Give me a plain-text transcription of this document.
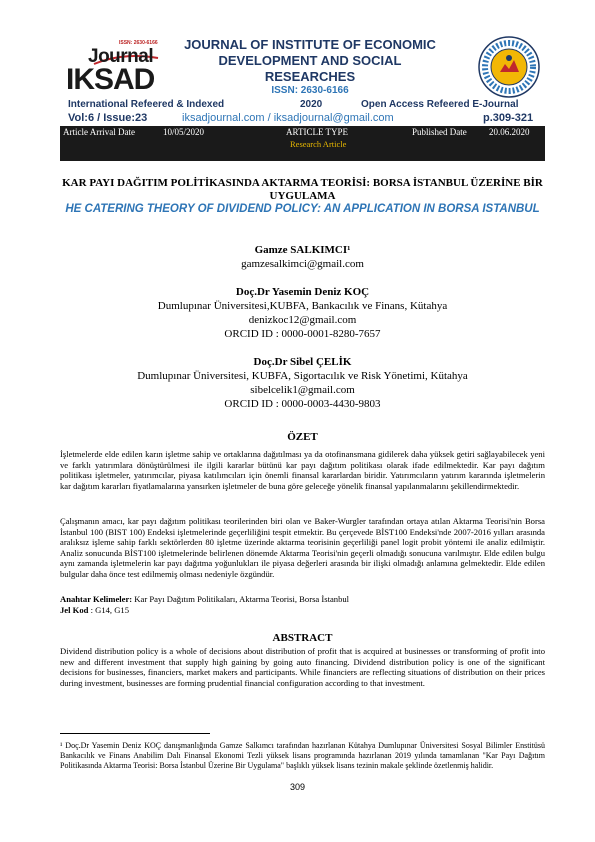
ISSN: 2630-6166
Journal
IKSAD
JOURNAL OF INSTITUTE OF ECONOMIC DEVELOPMENT AND SOCIAL RESEARCHES
ISSN: 2630-6166
International Refeered & Indexed	2020	Open Access Refeered E-Journal
Vol:6 / Issue:23	iksadjournal.com / iksadjournal@gmail.com	p.309-321
Article Arrival Date	10/05/2020	ARTICLE TYPE
Research Article
Published Date 20.06.2020
KAR PAYI DAĞITIM POLİTİKASINDA AKTARMA TEORİSİ: BORSA İSTANBUL ÜZERİNE BİR UYGULAMA
HE CATERING THEORY OF DIVIDEND POLICY: AN APPLICATION IN BORSA ISTANBUL
Gamze SALKIMCI¹
gamzesalkimci@gmail.com
Doç.Dr Yasemin Deniz KOÇ
Dumlupınar Üniversitesi,KUBFA, Bankacılık ve Finans, Kütahya
denizkoc12@gmail.com
ORCID ID : 0000-0001-8280-7657
Doç.Dr Sibel ÇELİK
Dumlupınar Üniversitesi, KUBFA, Sigortacılık ve Risk Yönetimi, Kütahya
sibelcelik1@gmail.com
ORCID ID : 0000-0003-4430-9803
ÖZET
İşletmelerde elde edilen karın işletme sahip ve ortaklarına dağıtılması ya da otofinansmana gidilerek daha yüksek getiri sağlayabilecek yeni ve farklı yatırımlara dönüştürülmesi ile ilgili kararlar bütünü kar payı dağıtım politikası olarak ifade edilmektedir. Kar payı dağıtım politikası işletmeler, yatırımcılar, piyasa katılımcıları için önemli finansal kararlardan biridir. Yatırımcıların yatırım kararında işletmelerin kar dağıtım kararları fiyatlamalarına yansırken işletmeler de buna göre geleceğe yönelik finansal yapılanmalarını şekillendirmektedir.
Çalışmanın amacı, kar payı dağıtım politikası teorilerinden biri olan ve Baker-Wurgler tarafından ortaya atılan Aktarma Teorisi'nin Borsa İstanbul 100 (BIST 100) Endeksi işletmelerinde geçerliliğini tespit etmektir. Bu çerçevede BİST100 Endeksi'nde 2007-2016 yılları arasında aralıksız işleme sahip farklı sektörlerden 80 işletme üzerinde aktarma teorisinin geçerliliği panel logit probit yöntemi ile analiz edilmiştir. Analiz sonucunda BİST100 işletmelerinde belirlenen dönemde Aktarma Teorisi'nin geçerli olmadığı sonucuna varılmıştır. Elde edilen bulgu aynı zamanda işletmelerin kar payı dağıtma yoğunlukları ile piyasa değerleri arasında bir ilişki olmadığı anlamına gelmektedir. Elde edilen bulgular daha önce test edilmemiş olması nedeniyle özgündür.
Anahtar Kelimeler: Kar Payı Dağıtım Politikaları, Aktarma Teorisi, Borsa İstanbul
Jel Kod : G14, G15
ABSTRACT
Dividend distribution policy is a whole of decisions about distribution of profit that is acquired at businesses or transforming of profit into new and different investment that supply high gaining by going auto financing. Dividend distribution policy is one of the significant decisions for businesses, financiers, market makers and participants. While financiers are reflecting situations of distribution on their prices during investment, businesses are forming prudential financial configuration according to that investment.
¹ Doç.Dr Yasemin Deniz KOÇ danışmanlığında Gamze Salkımcı tarafından hazırlanan Kütahya Dumlupınar Üniversitesi Sosyal Bilimler Enstitüsü Bankacılık ve Finans Anabilim Dalı Finansal Ekonomi Tezli yüksek lisans programında hazırlanan 2019 yılında tamamlanan "Kar Payı Dağıtım Politikasında Aktarma Teorisi: Borsa İstanbul Üzerine Bir Uygulama" başlıklı yüksek lisans tezinin makale şeklinde özetlenmiş halidir.
309
